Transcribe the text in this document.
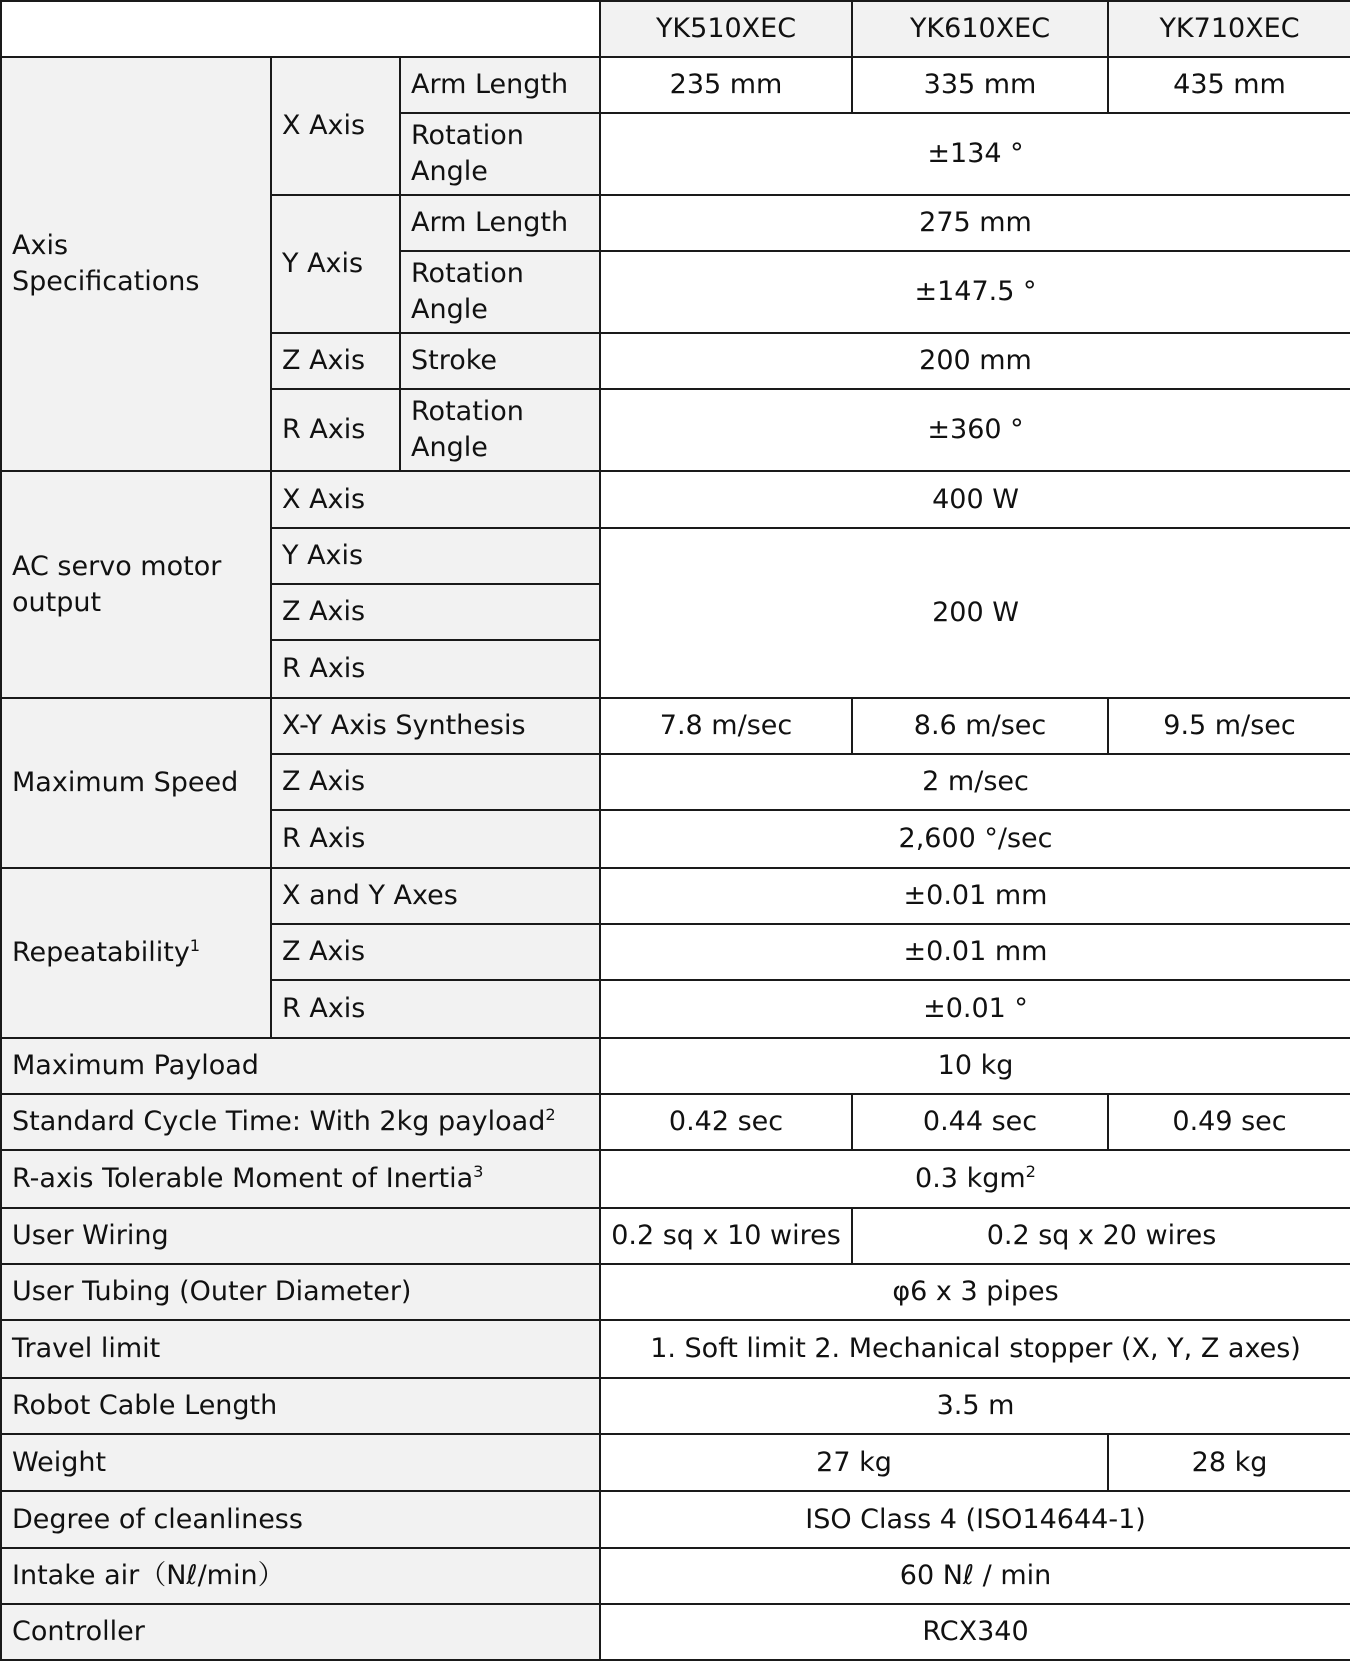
			YK510XEC	YK610XEC	YK710XEC
Axis Specifications	X Axis	Arm Length	235 mm	335 mm	435 mm
		Rotation Angle	±134 °		
	Y Axis	Arm Length	275 mm		
		Rotation Angle	±147.5 °		
	Z Axis	Stroke	200 mm		
	R Axis	Rotation Angle	±360 °		

AC servo motor output	X Axis		400 W		
	Y Axis		200 W		
	Z Axis				
	R Axis				
Maximum Speed	X-Y Axis Synthesis		7.8 m/sec	8.6 m/sec	9.5 m/sec
	Z Axis		2 m/sec		
	R Axis		2,600 °/sec		
Repeatability$^1$	X and Y Axes		±0.01 mm		
	Z Axis		±0.01 mm		
	R Axis		±0.01 °		
Maximum Payload			10 kg		
Standard Cycle Time: With 2kg payload$^2$			0.42 sec	0.44 sec	0.49 sec
R-axis Tolerable Moment of Inertia$^3$			0.3 kgm$^2$
User Wiring			0.2 sq x 10 wires	0.2 sq x 20 wires	
User Tubing (Outer Diameter)			φ6 x 3 pipes		
Travel limit			1. Soft limit 2. Mechanical stopper (X, Y, Z axes)		
Robot Cable Length			3.5 m		
Weight			27 kg		28 kg
Degree of cleanliness			ISO Class 4 (ISO14644-1)		
Intake air（Nℓ/min）			60 Nℓ / min		
Controller			RCX340		
